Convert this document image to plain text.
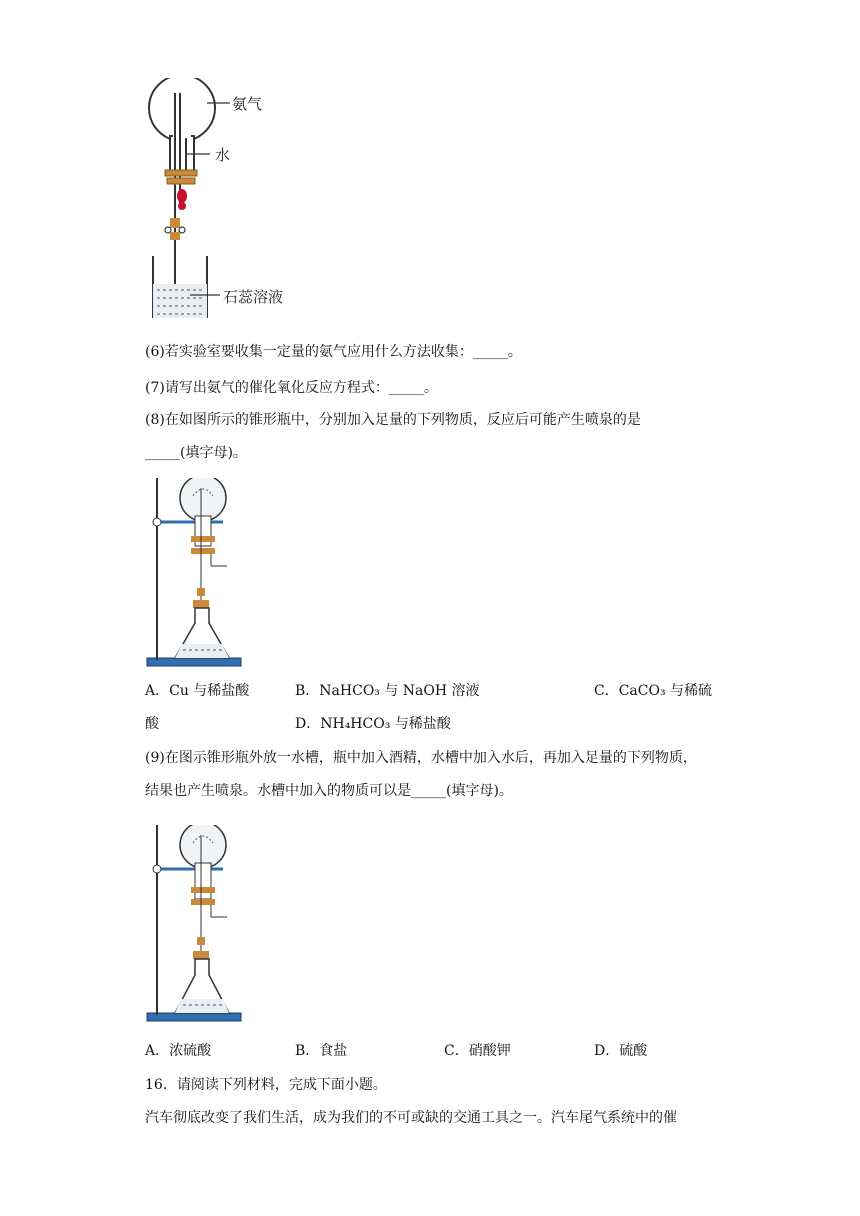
氨气
水
石蕊溶液
(6)若实验室要收集一定量的氨气应用什么方法收集：_____。
(7)请写出氨气的催化氧化反应方程式：_____。
(8)在如图所示的锥形瓶中，分别加入足量的下列物质，反应后可能产生喷泉的是
_____(填字母)。
A．Cu 与稀盐酸	B．NaHCO₃ 与 NaOH 溶液	C．CaCO₃ 与稀硫
酸	D．NH₄HCO₃ 与稀盐酸
(9)在图示锥形瓶外放一水槽，瓶中加入酒精，水槽中加入水后，再加入足量的下列物质，
结果也产生喷泉。水槽中加入的物质可以是_____(填字母)。
A．浓硫酸	B．食盐	C．硝酸钾	D．硫酸
16．请阅读下列材料，完成下面小题。
汽车彻底改变了我们生活，成为我们的不可或缺的交通工具之一。汽车尾气系统中的催
